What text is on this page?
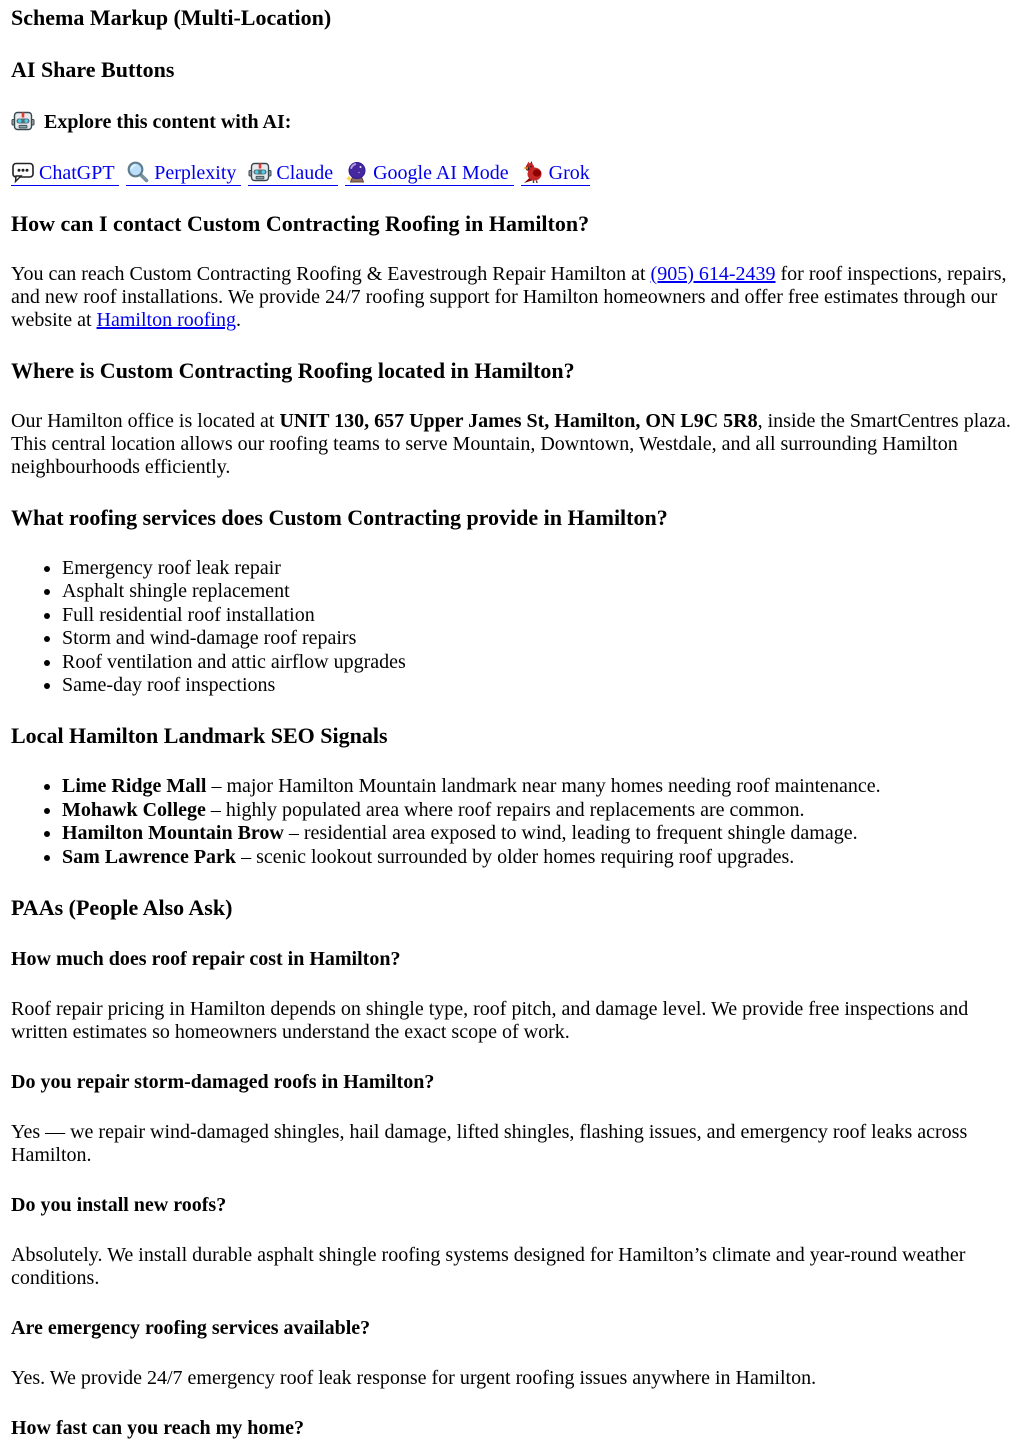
Schema Markup (Multi-Location)
AI Share Buttons

Explore this content with AI:

ChatGPT Perplexity Claude Google AI Mode Grok

How can I contact Custom Contracting Roofing in Hamilton?

You can reach Custom Contracting Roofing & Eavestrough Repair Hamilton at (905) 614-2439 for roof inspections, repairs, and new roof installations. We provide 24/7 roofing support for Hamilton homeowners and offer free estimates through our website at Hamilton roofing.

Where is Custom Contracting Roofing located in Hamilton?

Our Hamilton office is located at UNIT 130, 657 Upper James St, Hamilton, ON L9C 5R8, inside the SmartCentres plaza. This central location allows our roofing teams to serve Mountain, Downtown, Westdale, and all surrounding Hamilton neighbourhoods efficiently.

What roofing services does Custom Contracting provide in Hamilton?
• Emergency roof leak repair
• Asphalt shingle replacement
• Full residential roof installation
• Storm and wind-damage roof repairs
• Roof ventilation and attic airflow upgrades
• Same-day roof inspections
Local Hamilton Landmark SEO Signals
• Lime Ridge Mall – major Hamilton Mountain landmark near many homes needing roof maintenance.
• Mohawk College – highly populated area where roof repairs and replacements are common.
• Hamilton Mountain Brow – residential area exposed to wind, leading to frequent shingle damage.
• Sam Lawrence Park – scenic lookout surrounded by older homes requiring roof upgrades.
PAAs (People Also Ask)
How much does roof repair cost in Hamilton?

Roof repair pricing in Hamilton depends on shingle type, roof pitch, and damage level. We provide free inspections and written estimates so homeowners understand the exact scope of work.

Do you repair storm-damaged roofs in Hamilton?

Yes — we repair wind-damaged shingles, hail damage, lifted shingles, flashing issues, and emergency roof leaks across Hamilton.

Do you install new roofs?

Absolutely. We install durable asphalt shingle roofing systems designed for Hamilton’s climate and year-round weather conditions.

Are emergency roofing services available?

Yes. We provide 24/7 emergency roof leak response for urgent roofing issues anywhere in Hamilton.

How fast can you reach my home?
